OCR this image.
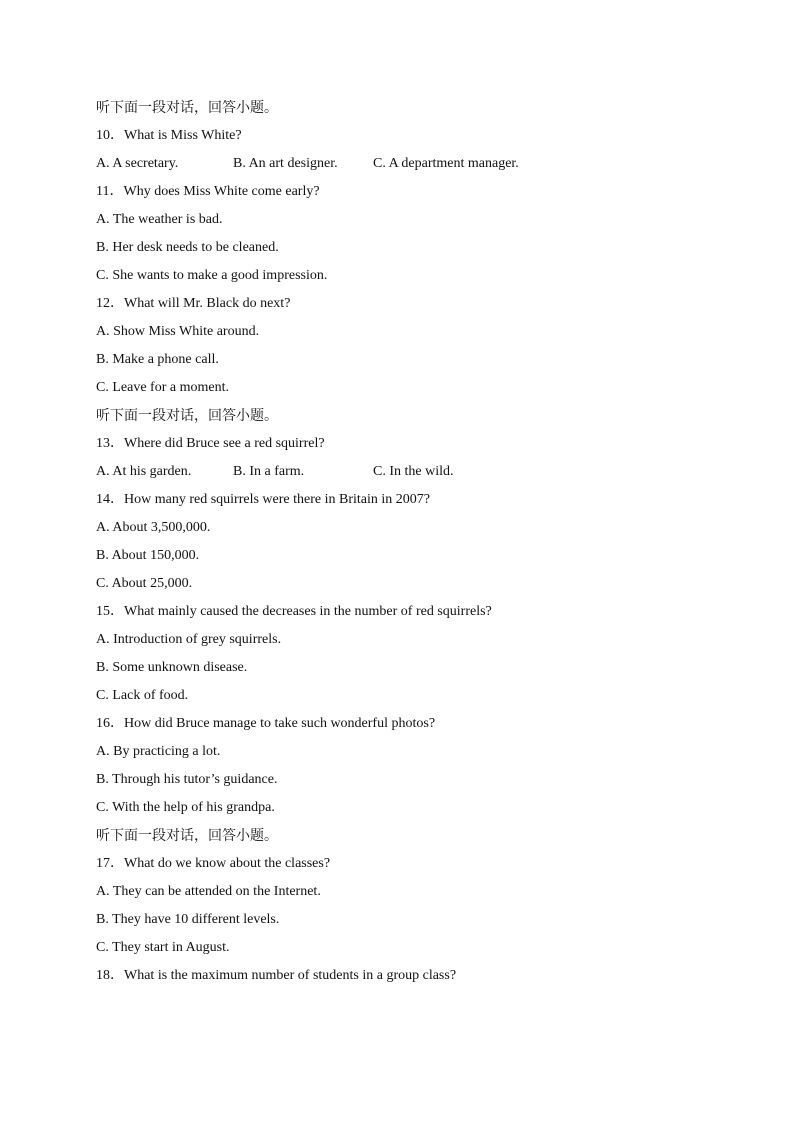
听下面一段对话，回答小题。
10．What is Miss White?
A. A secretary.	B. An art designer.	C. A department manager.
11．Why does Miss White come early?
A. The weather is bad.
B. Her desk needs to be cleaned.
C. She wants to make a good impression.
12．What will Mr. Black do next?
A. Show Miss White around.
B. Make a phone call.
C. Leave for a moment.
听下面一段对话，回答小题。
13．Where did Bruce see a red squirrel?
A. At his garden.	B. In a farm.	C. In the wild.
14．How many red squirrels were there in Britain in 2007?
A. About 3,500,000.
B. About 150,000.
C. About 25,000.
15．What mainly caused the decreases in the number of red squirrels?
A. Introduction of grey squirrels.
B. Some unknown disease.
C. Lack of food.
16．How did Bruce manage to take such wonderful photos?
A. By practicing a lot.
B. Through his tutor’s guidance.
C. With the help of his grandpa.
听下面一段对话，回答小题。
17．What do we know about the classes?
A. They can be attended on the Internet.
B. They have 10 different levels.
C. They start in August.
18．What is the maximum number of students in a group class?
